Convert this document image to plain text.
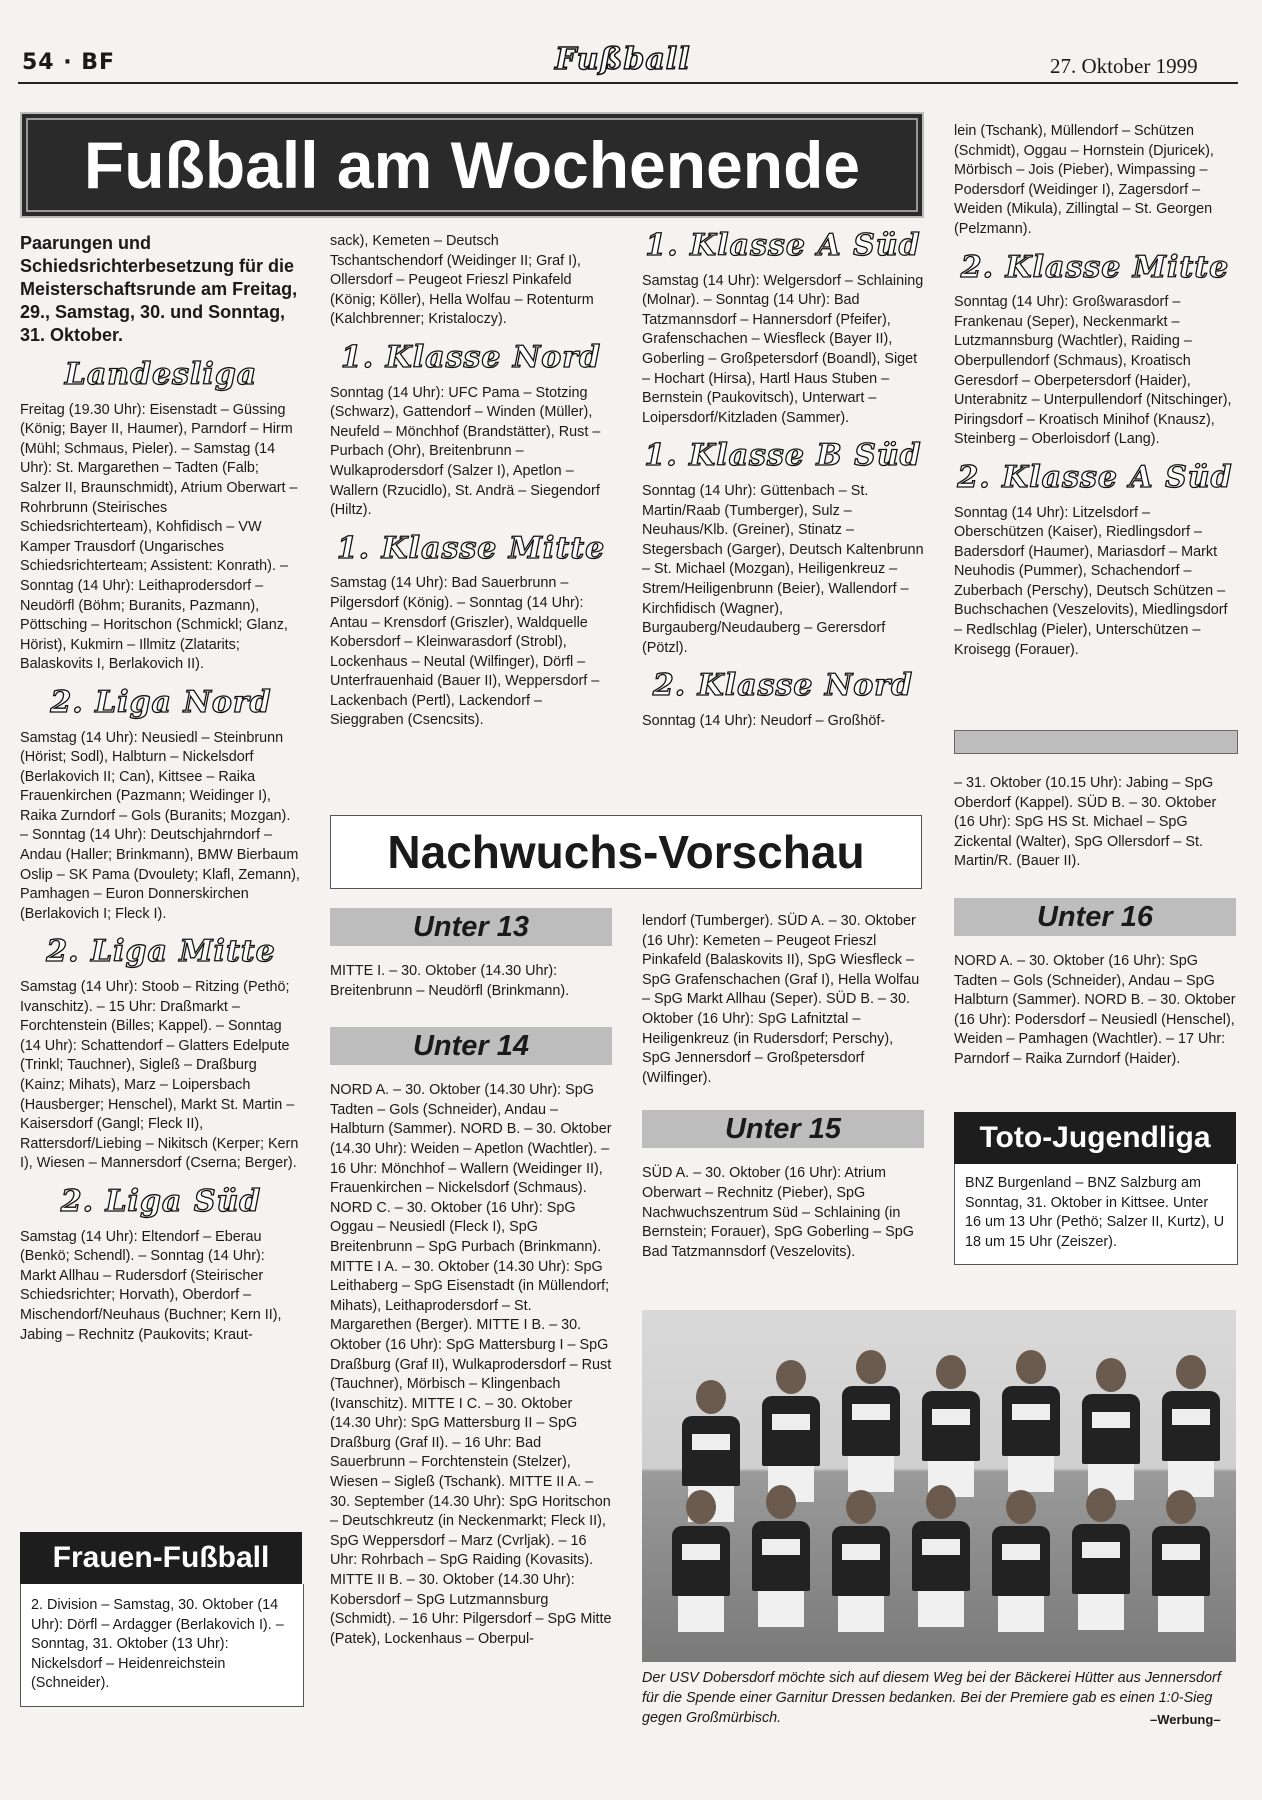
54 · BF	Fußball	27. Oktober 1999
Fußball am Wochenende

Paarungen und Schiedsrichterbesetzung für die Meisterschaftsrunde am Freitag, 29., Samstag, 30. und Sonntag, 31. Oktober.

Landesliga

Freitag (19.30 Uhr): Eisenstadt – Güssing (König; Bayer II, Haumer), Parndorf – Hirm (Mühl; Schmaus, Pieler). – Samstag (14 Uhr): St. Margarethen – Tadten (Falb; Salzer II, Braunschmidt), Atrium Oberwart – Rohrbrunn (Steirisches Schiedsrichterteam), Kohfidisch – VW Kamper Trausdorf (Ungarisches Schiedsrichterteam; Assistent: Konrath). – Sonntag (14 Uhr): Leithaprodersdorf – Neudörfl (Böhm; Buranits, Pazmann), Pöttsching – Horitschon (Schmickl; Glanz, Hörist), Kukmirn – Illmitz (Zlatarits; Balaskovits I, Berlakovich II).

2. Liga Nord

Samstag (14 Uhr): Neusiedl – Steinbrunn (Hörist; Sodl), Halbturn – Nickelsdorf (Berlakovich II; Can), Kittsee – Raika Frauenkirchen (Pazmann; Weidinger I), Raika Zurndorf – Gols (Buranits; Mozgan). – Sonntag (14 Uhr): Deutschjahrndorf – Andau (Haller; Brinkmann), BMW Bierbaum Oslip – SK Pama (Dvoulety; Klafl, Zemann), Pamhagen – Euron Donnerskirchen (Berlakovich I; Fleck I).

2. Liga Mitte

Samstag (14 Uhr): Stoob – Ritzing (Pethö; Ivanschitz). – 15 Uhr: Draßmarkt – Forchtenstein (Billes; Kappel). – Sonntag (14 Uhr): Schattendorf – Glatters Edelpute (Trinkl; Tauchner), Sigleß – Draßburg (Kainz; Mihats), Marz – Loipersbach (Hausberger; Henschel), Markt St. Martin – Kaisersdorf (Gangl; Fleck II), Rattersdorf/Liebing – Nikitsch (Kerper; Kern I), Wiesen – Mannersdorf (Cserna; Berger).

2. Liga Süd

Samstag (14 Uhr): Eltendorf – Eberau (Benkö; Schendl). – Sonntag (14 Uhr): Markt Allhau – Rudersdorf (Steirischer Schiedsrichter; Horvath), Oberdorf – Mischendorf/Neuhaus (Buchner; Kern II), Jabing – Rechnitz (Paukovits; Kraut-

Frauen-Fußball

2. Division – Samstag, 30. Oktober (14 Uhr): Dörfl – Ardagger (Berlakovich I). – Sonntag, 31. Oktober (13 Uhr): Nickelsdorf – Heidenreichstein (Schneider).

sack), Kemeten – Deutsch Tschantschendorf (Weidinger II; Graf I), Ollersdorf – Peugeot Frieszl Pinkafeld (König; Köller), Hella Wolfau – Rotenturm (Kalchbrenner; Kristaloczy).

1. Klasse Nord

Sonntag (14 Uhr): UFC Pama – Stotzing (Schwarz), Gattendorf – Winden (Müller), Neufeld – Mönchhof (Brandstätter), Rust – Purbach (Ohr), Breitenbrunn – Wulkaprodersdorf (Salzer I), Apetlon – Wallern (Rzucidlo), St. Andrä – Siegendorf (Hiltz).

1. Klasse Mitte

Samstag (14 Uhr): Bad Sauerbrunn – Pilgersdorf (König). – Sonntag (14 Uhr): Antau – Krensdorf (Griszler), Waldquelle Kobersdorf – Kleinwarasdorf (Strobl), Lockenhaus – Neutal (Wilfinger), Dörfl – Unterfrauenhaid (Bauer II), Weppersdorf – Lackenbach (Pertl), Lackendorf – Sieggraben (Csencsits).

1. Klasse A Süd

Samstag (14 Uhr): Welgersdorf – Schlaining (Molnar). – Sonntag (14 Uhr): Bad Tatzmannsdorf – Hannersdorf (Pfeifer), Grafenschachen – Wiesfleck (Bayer II), Goberling – Großpetersdorf (Boandl), Siget – Hochart (Hirsa), Hartl Haus Stuben – Bernstein (Paukovitsch), Unterwart – Loipersdorf/Kitzladen (Sammer).

1. Klasse B Süd

Sonntag (14 Uhr): Güttenbach – St. Martin/Raab (Tumberger), Sulz – Neuhaus/Klb. (Greiner), Stinatz – Stegersbach (Garger), Deutsch Kaltenbrunn – St. Michael (Mozgan), Heiligenkreuz – Strem/Heiligenbrunn (Beier), Wallendorf – Kirchfidisch (Wagner), Burgauberg/Neudauberg – Gerersdorf (Pötzl).

2. Klasse Nord

Sonntag (14 Uhr): Neudorf – Großhöf-

lein (Tschank), Müllendorf – Schützen (Schmidt), Oggau – Hornstein (Djuricek), Mörbisch – Jois (Pieber), Wimpassing – Podersdorf (Weidinger I), Zagersdorf – Weiden (Mikula), Zillingtal – St. Georgen (Pelzmann).

2. Klasse Mitte

Sonntag (14 Uhr): Großwarasdorf – Frankenau (Seper), Neckenmarkt – Lutzmannsburg (Wachtler), Raiding – Oberpullendorf (Schmaus), Kroatisch Geresdorf – Oberpetersdorf (Haider), Unterabnitz – Unterpullendorf (Nitschinger), Piringsdorf – Kroatisch Minihof (Knausz), Steinberg – Oberloisdorf (Lang).

2. Klasse A Süd

Sonntag (14 Uhr): Litzelsdorf – Oberschützen (Kaiser), Riedlingsdorf – Badersdorf (Haumer), Mariasdorf – Markt Neuhodis (Pummer), Schachendorf – Zuberbach (Perschy), Deutsch Schützen – Buchschachen (Veszelovits), Miedlingsdorf – Redlschlag (Pieler), Unterschützen – Kroisegg (Forauer).

– 31. Oktober (10.15 Uhr): Jabing – SpG Oberdorf (Kappel). SÜD B. – 30. Oktober (16 Uhr): SpG HS St. Michael – SpG Zickental (Walter), SpG Ollersdorf – St. Martin/R. (Bauer II).

Nachwuchs-Vorschau
Unter 13

MITTE I. – 30. Oktober (14.30 Uhr): Breitenbrunn – Neudörfl (Brinkmann).

Unter 14

NORD A. – 30. Oktober (14.30 Uhr): SpG Tadten – Gols (Schneider), Andau – Halbturn (Sammer). NORD B. – 30. Oktober (14.30 Uhr): Weiden – Apetlon (Wachtler). – 16 Uhr: Mönchhof – Wallern (Weidinger II), Frauenkirchen – Nickelsdorf (Schmaus). NORD C. – 30. Oktober (16 Uhr): SpG Oggau – Neusiedl (Fleck I), SpG Breitenbrunn – SpG Purbach (Brinkmann). MITTE I A. – 30. Oktober (14.30 Uhr): SpG Leithaberg – SpG Eisenstadt (in Müllendorf; Mihats), Leithaprodersdorf – St. Margarethen (Berger). MITTE I B. – 30. Oktober (16 Uhr): SpG Mattersburg I – SpG Draßburg (Graf II), Wulkaprodersdorf – Rust (Tauchner), Mörbisch – Klingenbach (Ivanschitz). MITTE I C. – 30. Oktober (14.30 Uhr): SpG Mattersburg II – SpG Draßburg (Graf II). – 16 Uhr: Bad Sauerbrunn – Forchtenstein (Stelzer), Wiesen – Sigleß (Tschank). MITTE II A. – 30. September (14.30 Uhr): SpG Horitschon – Deutschkreutz (in Neckenmarkt; Fleck II), SpG Weppersdorf – Marz (Cvrljak). – 16 Uhr: Rohrbach – SpG Raiding (Kovasits). MITTE II B. – 30. Oktober (14.30 Uhr): Kobersdorf – SpG Lutzmannsburg (Schmidt). – 16 Uhr: Pilgersdorf – SpG Mitte (Patek), Lockenhaus – Oberpul-

lendorf (Tumberger). SÜD A. – 30. Oktober (16 Uhr): Kemeten – Peugeot Frieszl Pinkafeld (Balaskovits II), SpG Wiesfleck – SpG Grafenschachen (Graf I), Hella Wolfau – SpG Markt Allhau (Seper). SÜD B. – 30. Oktober (16 Uhr): SpG Lafnitztal – Heiligenkreuz (in Rudersdorf; Perschy), SpG Jennersdorf – Großpetersdorf (Wilfinger).

Unter 15

SÜD A. – 30. Oktober (16 Uhr): Atrium Oberwart – Rechnitz (Pieber), SpG Nachwuchszentrum Süd – Schlaining (in Bernstein; Forauer), SpG Goberling – SpG Bad Tatzmannsdorf (Veszelovits).

Unter 16

NORD A. – 30. Oktober (16 Uhr): SpG Tadten – Gols (Schneider), Andau – SpG Halbturn (Sammer). NORD B. – 30. Oktober (16 Uhr): Podersdorf – Neusiedl (Henschel), Weiden – Pamhagen (Wachtler). – 17 Uhr: Parndorf – Raika Zurndorf (Haider).

Toto-Jugendliga

BNZ Burgenland – BNZ Salzburg am Sonntag, 31. Oktober in Kittsee. Unter 16 um 13 Uhr (Pethö; Salzer II, Kurtz), U 18 um 15 Uhr (Zeiszer).

Der USV Dobersdorf möchte sich auf diesem Weg bei der Bäckerei Hütter aus Jennersdorf für die Spende einer Garnitur Dressen bedanken. Bei der Premiere gab es einen 1:0-Sieg gegen Großmürbisch.	–Werbung–
